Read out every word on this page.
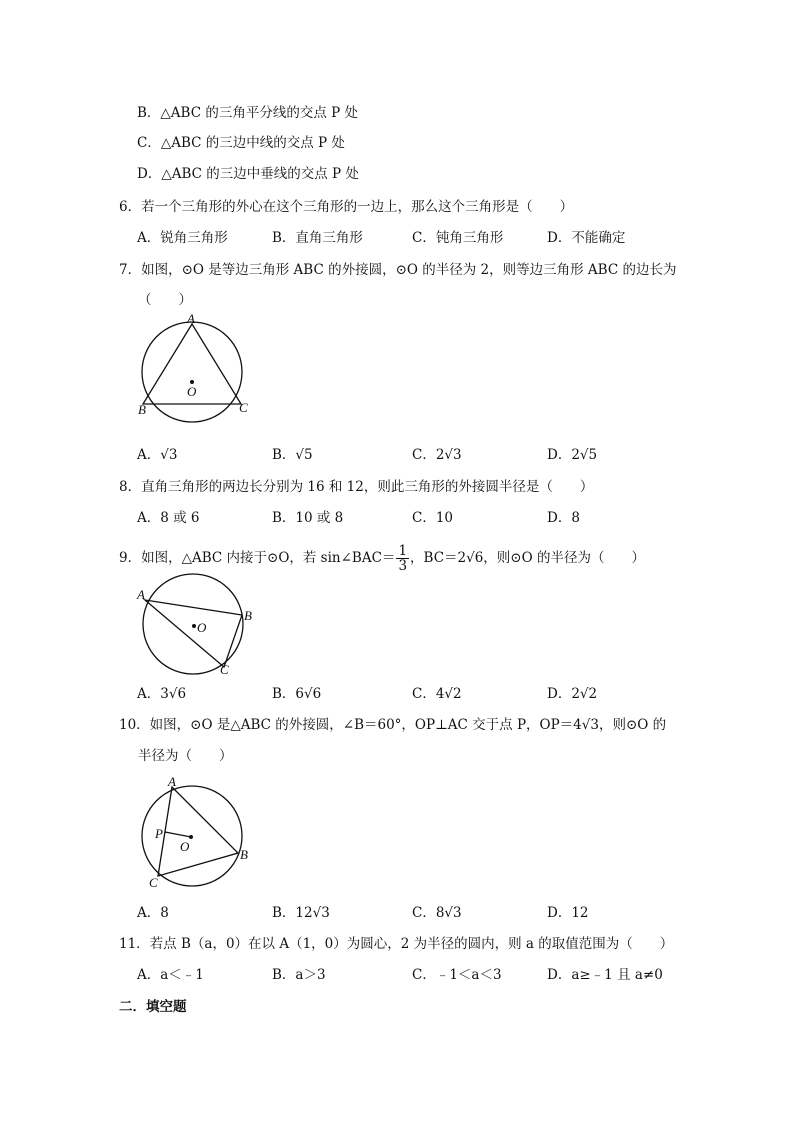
B．△ABC 的三角平分线的交点 P 处
C．△ABC 的三边中线的交点 P 处
D．△ABC 的三边中垂线的交点 P 处
6．若一个三角形的外心在这个三角形的一边上，那么这个三角形是（　　）
A．锐角三角形	B．直角三角形	C．钝角三角形	D．不能确定
7．如图，⊙O 是等边三角形 ABC 的外接圆，⊙O 的半径为 2，则等边三角形 ABC 的边长为
（　　）
A
B	C
O
A．√3	B．√5	C．2√3	D．2√5
8．直角三角形的两边长分别为 16 和 12，则此三角形的外接圆半径是（　　）
A．8 或 6	B．10 或 8	C．10	D．8
9．如图，△ABC 内接于⊙O，若 sin∠BAC＝ $\frac{1}{3}$ ，BC＝2√6，则⊙O 的半径为（　　）
A
B
C
O
A．3√6	B．6√6	C．4√2	D．2√2
10．如图，⊙O 是△ABC 的外接圆，∠B＝60°，OP⊥AC 交于点 P，OP＝4√3，则⊙O 的
半径为（　　）
A
B
C
P
O
A．8	B．12√3	C．8√3	D．12
11．若点 B（a，0）在以 A（1，0）为圆心，2 为半径的圆内，则 a 的取值范围为（　　）
A．a＜﹣1	B．a＞3	C．﹣1＜a＜3	D．a≥﹣1 且 a≠0
二．填空题
